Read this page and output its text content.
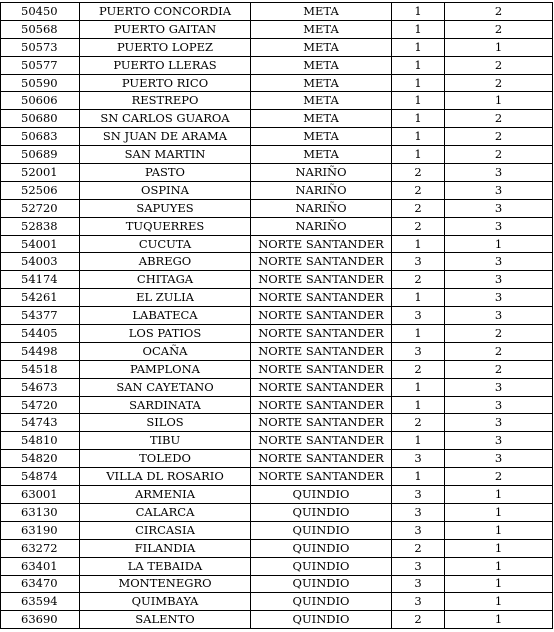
50450	PUERTO CONCORDIA	META	1	2
50568	PUERTO GAITAN	META	1	2
50573	PUERTO LOPEZ	META	1	1
50577	PUERTO LLERAS	META	1	2
50590	PUERTO RICO	META	1	2
50606	RESTREPO	META	1	1
50680	SN CARLOS GUAROA	META	1	2
50683	SN JUAN DE ARAMA	META	1	2
50689	SAN MARTIN	META	1	2
52001	PASTO	NARIÑO	2	3
52506	OSPINA	NARIÑO	2	3
52720	SAPUYES	NARIÑO	2	3
52838	TUQUERRES	NARIÑO	2	3
54001	CUCUTA	NORTE SANTANDER	1	1
54003	ABREGO	NORTE SANTANDER	3	3
54174	CHITAGA	NORTE SANTANDER	2	3
54261	EL ZULIA	NORTE SANTANDER	1	3
54377	LABATECA	NORTE SANTANDER	3	3
54405	LOS PATIOS	NORTE SANTANDER	1	2
54498	OCAÑA	NORTE SANTANDER	3	2
54518	PAMPLONA	NORTE SANTANDER	2	2
54673	SAN CAYETANO	NORTE SANTANDER	1	3
54720	SARDINATA	NORTE SANTANDER	1	3
54743	SILOS	NORTE SANTANDER	2	3
54810	TIBU	NORTE SANTANDER	1	3
54820	TOLEDO	NORTE SANTANDER	3	3
54874	VILLA DL ROSARIO	NORTE SANTANDER	1	2
63001	ARMENIA	QUINDIO	3	1
63130	CALARCA	QUINDIO	3	1
63190	CIRCASIA	QUINDIO	3	1
63272	FILANDIA	QUINDIO	2	1
63401	LA TEBAIDA	QUINDIO	3	1
63470	MONTENEGRO	QUINDIO	3	1
63594	QUIMBAYA	QUINDIO	3	1
63690	SALENTO	QUINDIO	2	1
